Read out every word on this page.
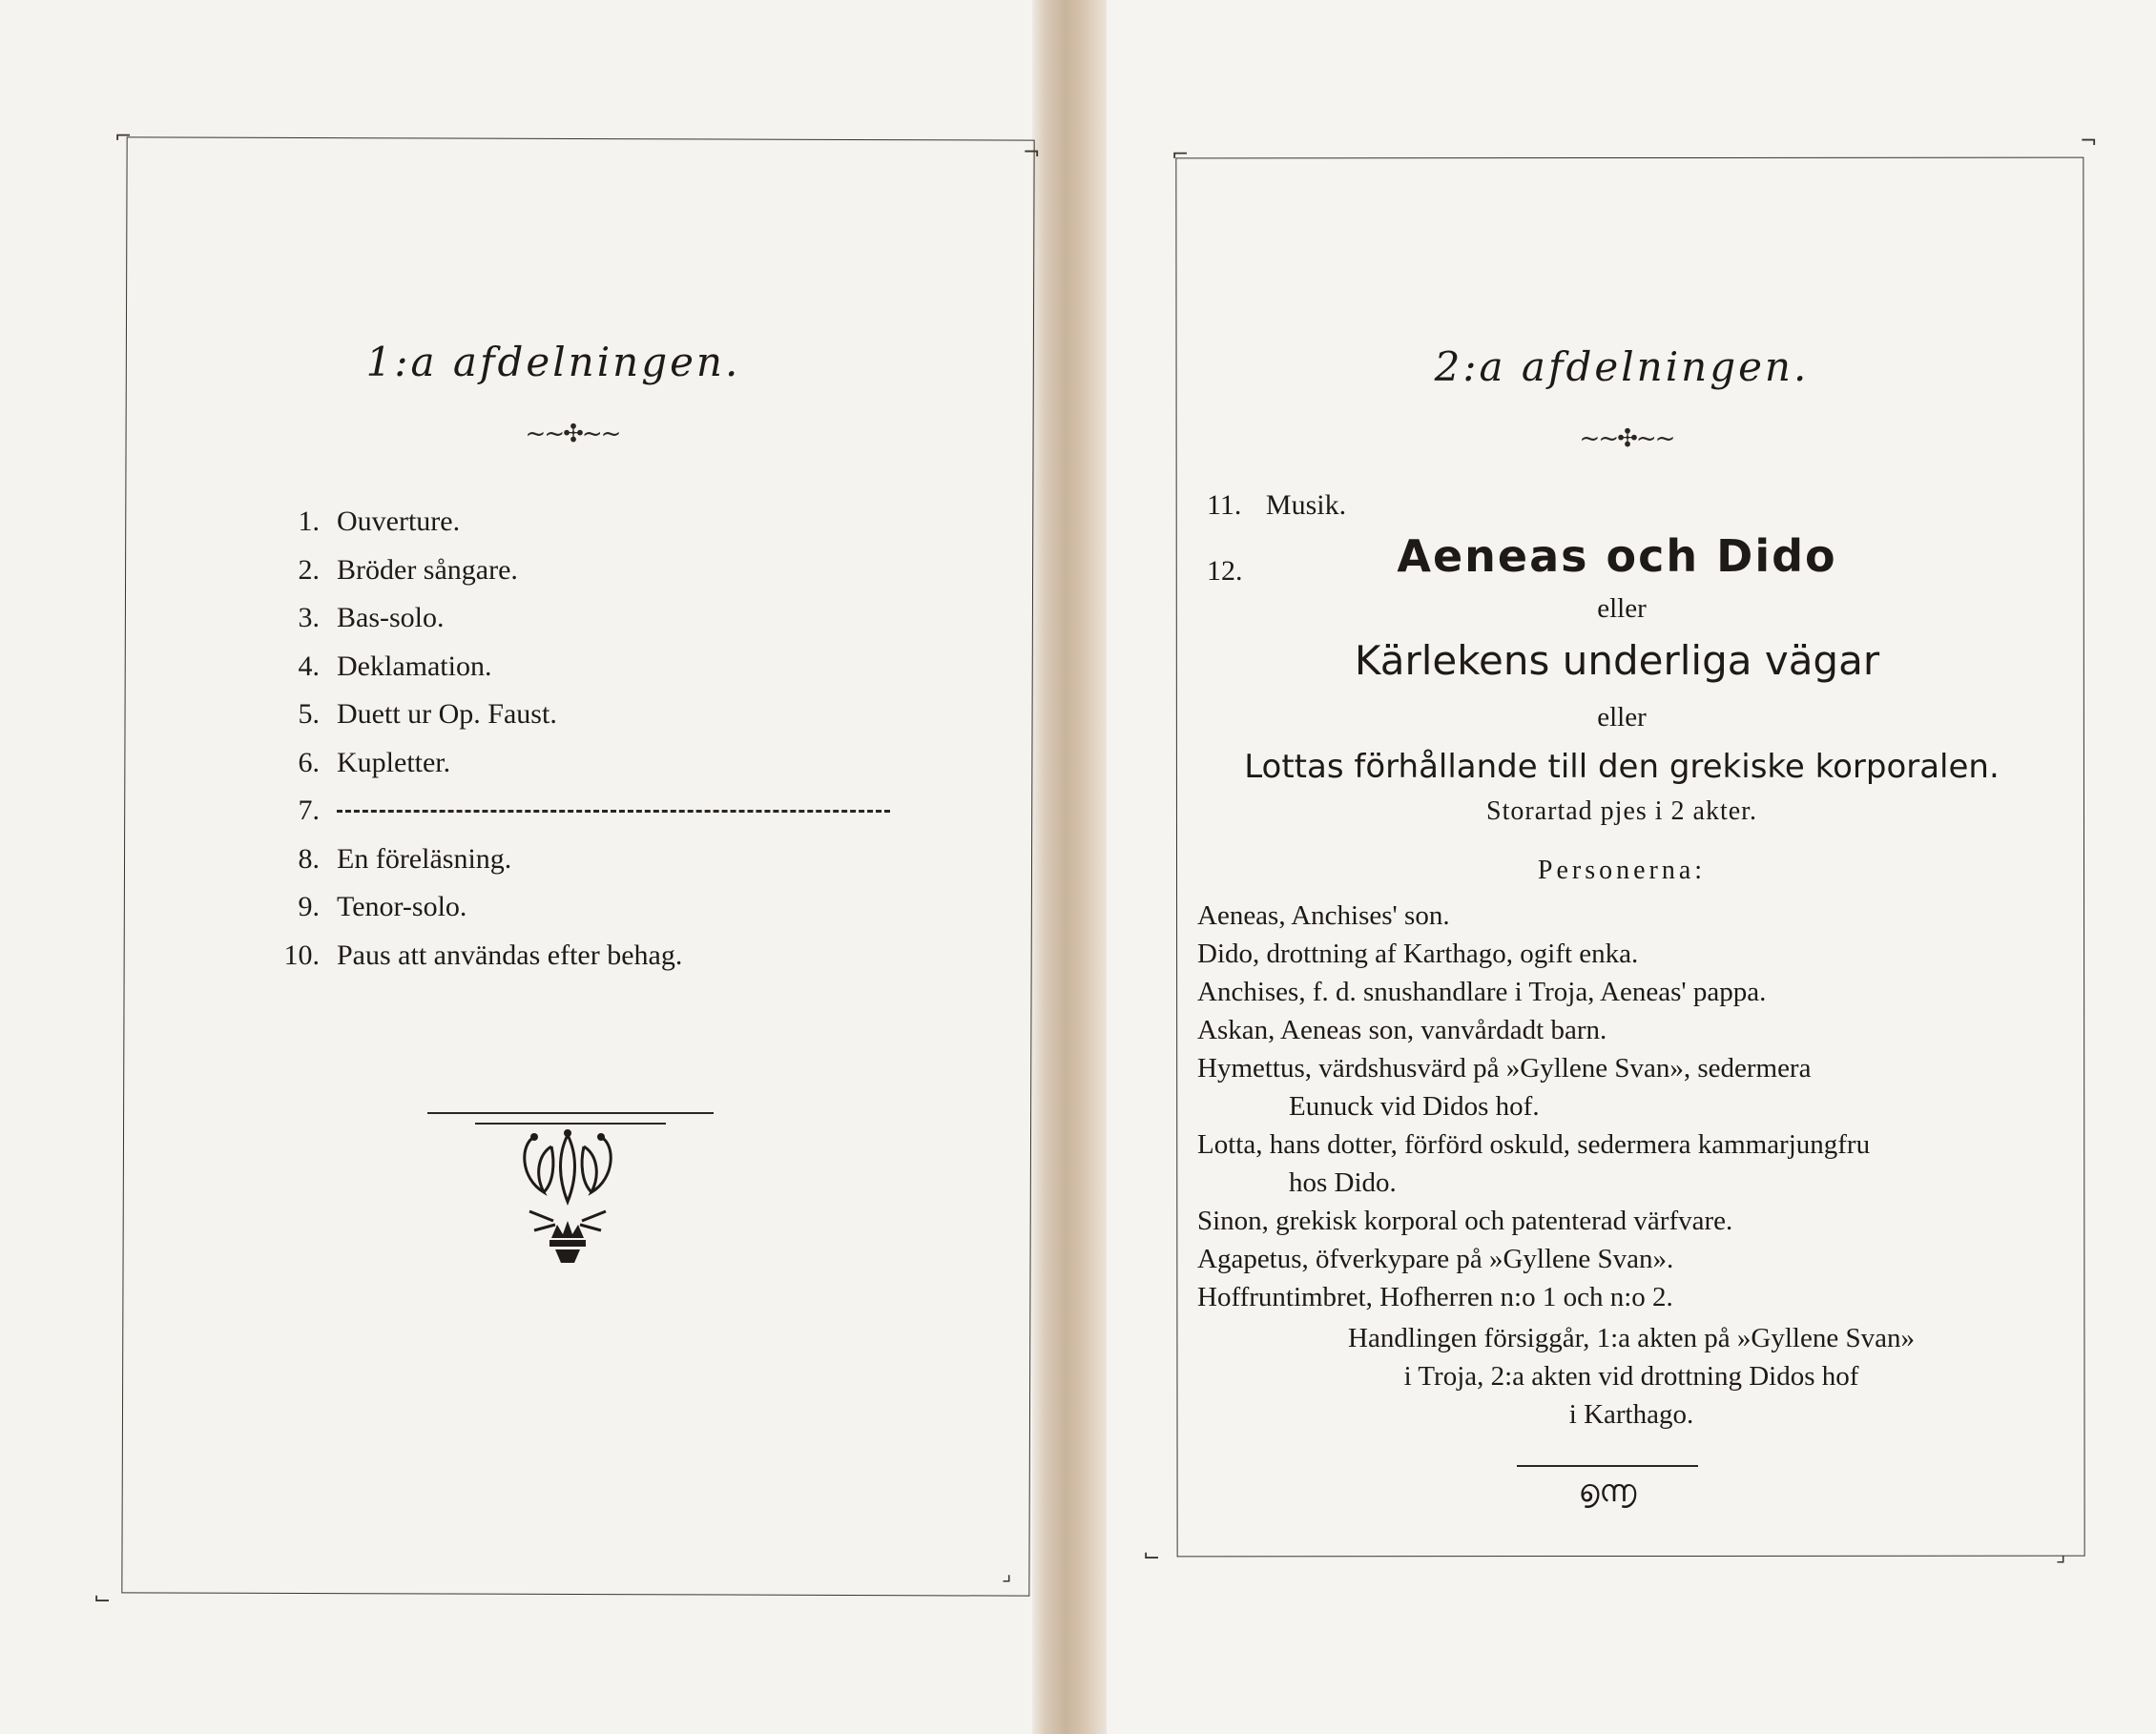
⌐
¬
⌙
⌟
⌐
¬
⌙	⌟
1:a afdelningen.
~~✣~~
1. Ouverture.
2. Bröder sångare.
3. Bas-solo.
4. Deklamation.
5. Duett ur Op. Faust.
6. Kupletter.
7.
8. En föreläsning.
9. Tenor-solo.
10. Paus att användas efter behag.
2:a afdelningen.
~~✣~~
11. Musik.
12.	Aeneas och Dido
eller
Kärlekens underliga vägar
eller
Lottas förhållande till den grekiske korporalen.
Storartad pjes i 2 akter.
Personerna:
Aeneas, Anchises' son.
Dido, drottning af Karthago, ogift enka.
Anchises, f. d. snushandlare i Troja, Aeneas' pappa.
Askan, Aeneas son, vanvårdadt barn.
Hymettus, värdshusvärd på »Gyllene Svan», sedermera
Eunuck vid Didos hof.
Lotta, hans dotter, förförd oskuld, sedermera kammarjungfru
hos Dido.
Sinon, grekisk korporal och patenterad värfvare.
Agapetus, öfverkypare på »Gyllene Svan».
Hoffruntimbret, Hofherren n:o 1 och n:o 2.
Handlingen försiggår, 1:a akten på »Gyllene Svan»
i Troja, 2:a akten vid drottning Didos hof
i Karthago.
൭൬
